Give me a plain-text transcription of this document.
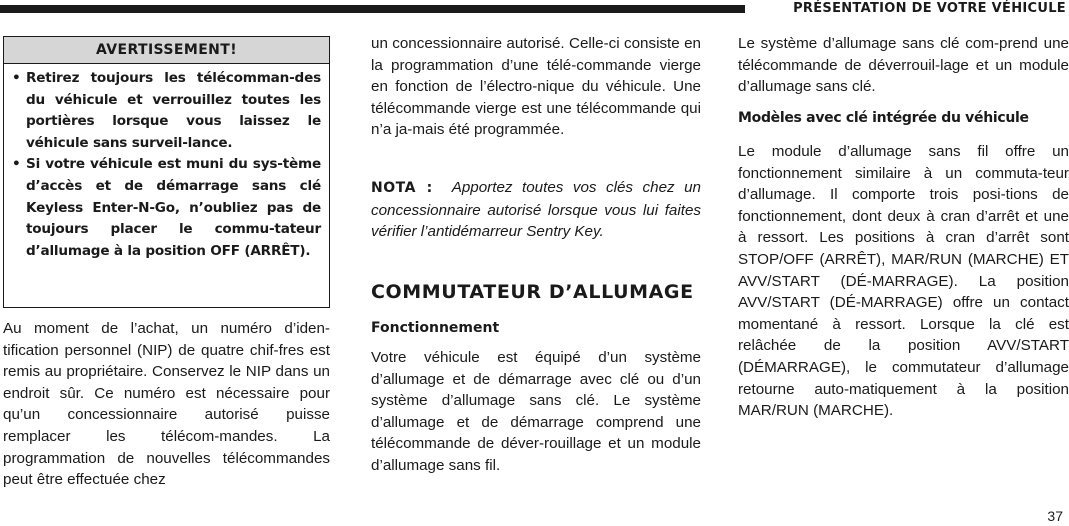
PRÉSENTATION DE VOTRE VÉHICULE
AVERTISSEMENT!
• Retirez toujours les télécomman-des du véhicule et verrouillez toutes les portières lorsque vous laissez le véhicule sans surveil-lance.
• Si votre véhicule est muni du sys-tème d’accès et de démarrage sans clé Keyless Enter-N-Go, n’oubliez pas de toujours placer le commu-tateur d’allumage à la position OFF (ARRÊT).

Au moment de l’achat, un numéro d’iden-tification personnel (NIP) de quatre chif-fres est remis au propriétaire. Conservez le NIP dans un endroit sûr. Ce numéro est nécessaire pour qu’un concessionnaire autorisé puisse remplacer les télécom-mandes. La programmation de nouvelles télécommandes peut être effectuée chez

un concessionnaire autorisé. Celle-ci consiste en la programmation d’une télé-commande vierge en fonction de l’électro-nique du véhicule. Une télécommande vierge est une télécommande qui n’a ja-mais été programmée.

NOTA : Apportez toutes vos clés chez un concessionnaire autorisé lorsque vous lui faites vérifier l’antidémarreur Sentry Key.

COMMUTATEUR D’ALLUMAGE
Fonctionnement

Votre véhicule est équipé d’un système d’allumage et de démarrage avec clé ou d’un système d’allumage sans clé. Le système d’allumage et de démarrage comprend une télécommande de déver-rouillage et un module d’allumage sans fil.

Le système d’allumage sans clé com-prend une télécommande de déverrouil-lage et un module d’allumage sans clé.

Modèles avec clé intégrée du véhicule

Le module d’allumage sans fil offre un fonctionnement similaire à un commuta-teur d’allumage. Il comporte trois posi-tions de fonctionnement, dont deux à cran d’arrêt et une à ressort. Les positions à cran d’arrêt sont STOP/OFF (ARRÊT), MAR/RUN (MARCHE) ET AVV/START (DÉ-MARRAGE). La position AVV/START (DÉ-MARRAGE) offre un contact momentané à ressort. Lorsque la clé est relâchée de la position AVV/START (DÉMARRAGE), le commutateur d’allumage retourne auto-matiquement à la position MAR/RUN (MARCHE).

37
